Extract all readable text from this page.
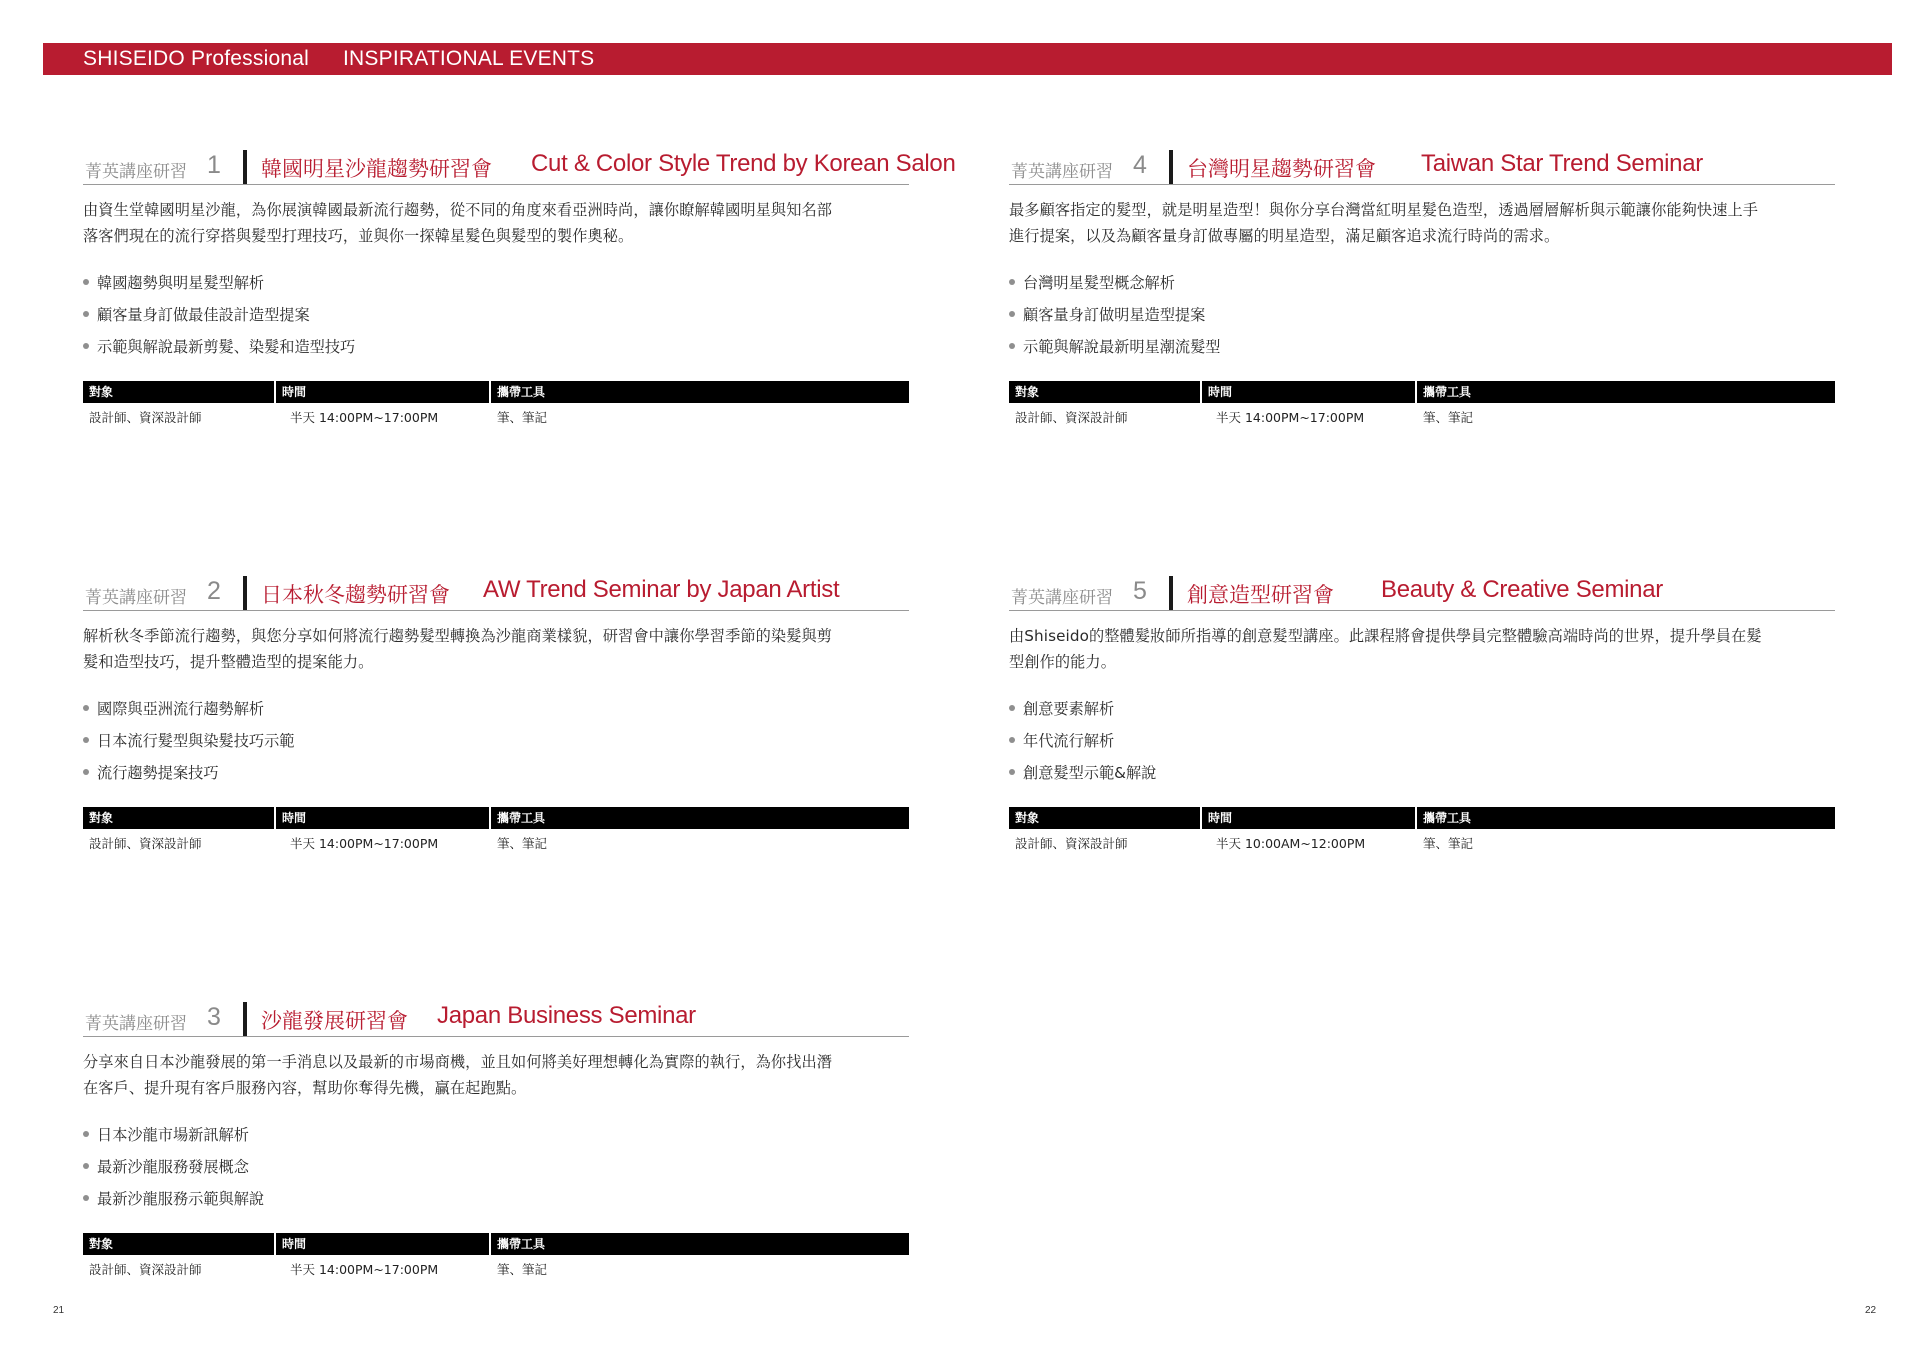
SHISEIDO Professional INSPIRATIONAL EVENTS
菁英講座研習 1 韓國明星沙龍趨勢研習會 Cut & Color Style Trend by Korean Salon

由資生堂韓國明星沙龍，為你展演韓國最新流行趨勢，從不同的角度來看亞洲時尚，讓你瞭解韓國明星與知名部
落客們現在的流行穿搭與髮型打理技巧，並與你一探韓星髮色與髮型的製作奧秘。

韓國趨勢與明星髮型解析
顧客量身訂做最佳設計造型提案
示範與解說最新剪髮、染髮和造型技巧
對象	時間	攜帶工具
設計師、資深設計師	半天 14:00PM~17:00PM	筆、筆記
菁英講座研習 2 日本秋冬趨勢研習會 AW Trend Seminar by Japan Artist

解析秋冬季節流行趨勢，與您分享如何將流行趨勢髮型轉換為沙龍商業樣貌，研習會中讓你學習季節的染髮與剪
髮和造型技巧，提升整體造型的提案能力。

國際與亞洲流行趨勢解析
日本流行髮型與染髮技巧示範
流行趨勢提案技巧
對象	時間	攜帶工具
設計師、資深設計師	半天 14:00PM~17:00PM	筆、筆記
菁英講座研習 3 沙龍發展研習會 Japan Business Seminar

分享來自日本沙龍發展的第一手消息以及最新的市場商機，並且如何將美好理想轉化為實際的執行，為你找出潛
在客戶、提升現有客戶服務內容，幫助你奪得先機，贏在起跑點。

日本沙龍市場新訊解析
最新沙龍服務發展概念
最新沙龍服務示範與解說
對象	時間	攜帶工具
設計師、資深設計師	半天 14:00PM~17:00PM	筆、筆記
菁英講座研習 4 台灣明星趨勢研習會 Taiwan Star Trend Seminar

最多顧客指定的髮型，就是明星造型！與你分享台灣當紅明星髮色造型，透過層層解析與示範讓你能夠快速上手
進行提案，以及為顧客量身訂做專屬的明星造型，滿足顧客追求流行時尚的需求。

台灣明星髮型概念解析
顧客量身訂做明星造型提案
示範與解說最新明星潮流髮型
對象	時間	攜帶工具
設計師、資深設計師	半天 14:00PM~17:00PM	筆、筆記
菁英講座研習 5 創意造型研習會 Beauty & Creative Seminar

由Shiseido的整體髮妝師所指導的創意髮型講座。此課程將會提供學員完整體驗高端時尚的世界，提升學員在髮
型創作的能力。

創意要素解析
年代流行解析
創意髮型示範&解說
對象	時間	攜帶工具
設計師、資深設計師	半天 10:00AM~12:00PM	筆、筆記
21	22
